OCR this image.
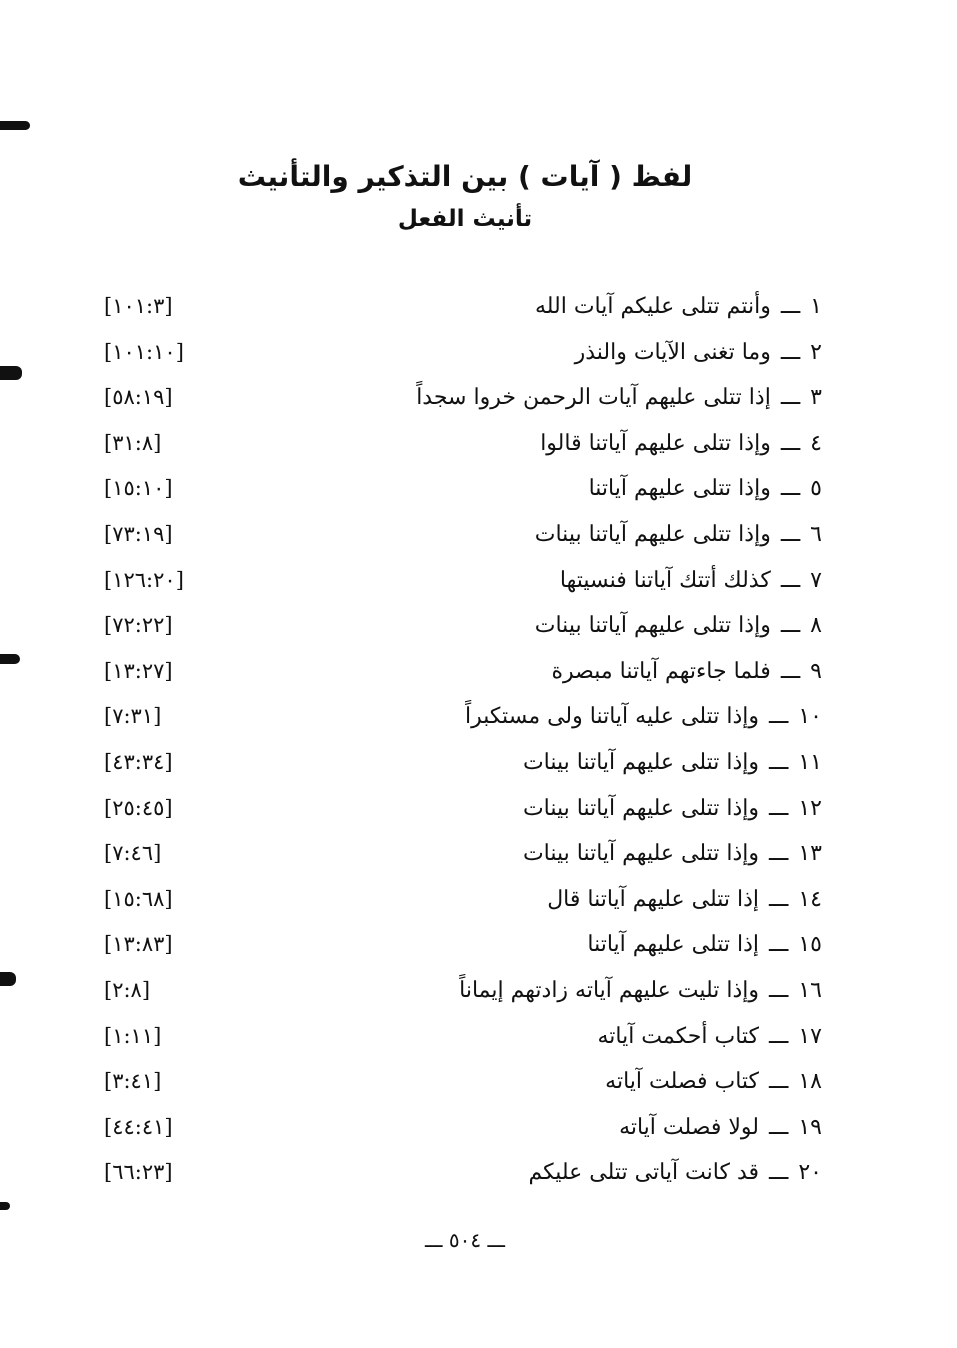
لفظ ( آيات ) بين التذكير والتأنيث
تأنيث الفعل
١ـــوأنتم تتلى عليكم آيات الله
[١٠١:٣]
٢ـــوما تغنى الآيات والنذر
[١٠١:١٠]
٣ـــإذا تتلى عليهم آيات الرحمن خروا سجداً
[٥٨:١٩]
٤ـــوإذا تتلى عليهم آياتنا قالوا
[٣١:٨]
٥ـــوإذا تتلى عليهم آياتنا
[١٥:١٠]
٦ـــوإذا تتلى عليهم آياتنا بينات
[٧٣:١٩]
٧ـــكذلك أتتك آياتنا فنسيتها
[١٢٦:٢٠]
٨ـــوإذا تتلى عليهم آياتنا بينات
[٧٢:٢٢]
٩ـــفلما جاءتهم آياتنا مبصرة
[١٣:٢٧]
١٠ـــوإذا تتلى عليه آياتنا ولى مستكبراً
[٧:٣١]
١١ـــوإذا تتلى عليهم آياتنا بينات
[٤٣:٣٤]
١٢ـــوإذا تتلى عليهم آياتنا بينات
[٢٥:٤٥]
١٣ـــوإذا تتلى عليهم آياتنا بينات
[٧:٤٦]
١٤ـــإذا تتلى عليهم آياتنا قال
[١٥:٦٨]
١٥ـــإذا تتلى عليهم آياتنا
[١٣:٨٣]
١٦ـــوإذا تليت عليهم آياته زادتهم إيماناً
[٢:٨]
١٧ـــكتاب أحكمت آياته
[١:١١]
١٨ـــكتاب فصلت آياته
[٣:٤١]
١٩ـــلولا فصلت آياته
[٤٤:٤١]
٢٠ـــقد كانت آياتى تتلى عليكم
[٦٦:٢٣]
ـــ ٥٠٤ ـــ
